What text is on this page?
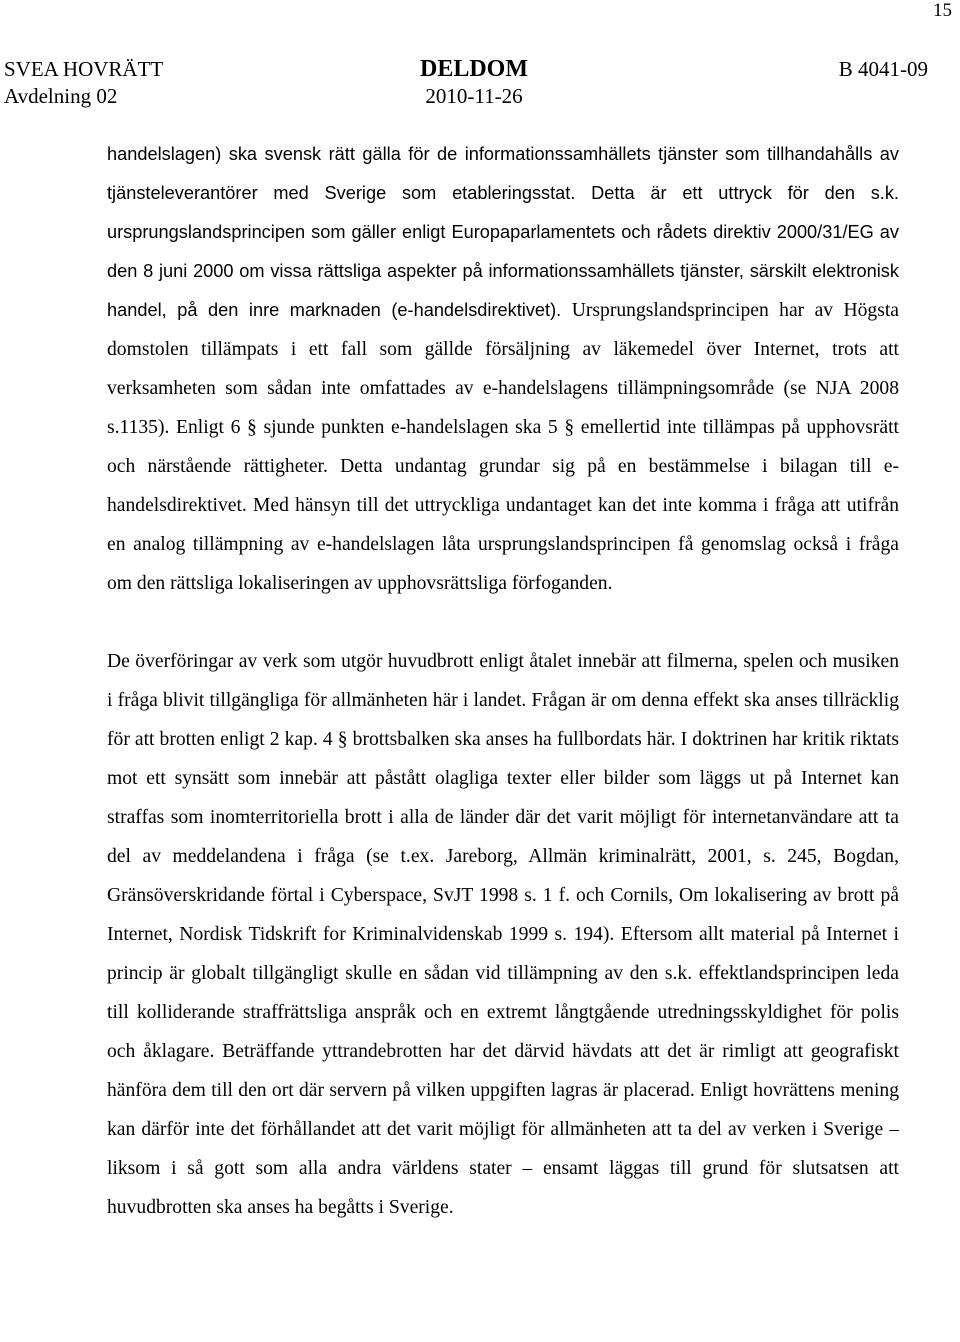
15
SVEA HOVRÄTT
Avdelning 02
DELDOM
2010-11-26
B 4041-09

handelslagen) ska svensk rätt gälla för de informationssamhällets tjänster som tillhandahålls av tjänsteleverantörer med Sverige som etableringsstat. Detta är ett uttryck för den s.k. ursprungslandsprincipen som gäller enligt Europaparlamentets och rådets direktiv 2000/31/EG av den 8 juni 2000 om vissa rättsliga aspekter på informationssamhällets tjänster, särskilt elektronisk handel, på den inre marknaden (e-handelsdirektivet). Ursprungslandsprincipen har av Högsta domstolen tillämpats i ett fall som gällde försäljning av läkemedel över Internet, trots att verksamheten som sådan inte omfattades av e-handelslagens tillämpningsområde (se NJA 2008 s.1135). Enligt 6 § sjunde punkten e-handelslagen ska 5 § emellertid inte tillämpas på upphovsrätt och närstående rättigheter. Detta undantag grundar sig på en bestämmelse i bilagan till e-handelsdirektivet. Med hänsyn till det uttryckliga undantaget kan det inte komma i fråga att utifrån en analog tillämpning av e-handelslagen låta ursprungslandsprincipen få genomslag också i fråga om den rättsliga lokaliseringen av upphovsrättsliga förfoganden.

De överföringar av verk som utgör huvudbrott enligt åtalet innebär att filmerna, spelen och musiken i fråga blivit tillgängliga för allmänheten här i landet. Frågan är om denna effekt ska anses tillräcklig för att brotten enligt 2 kap. 4 § brottsbalken ska anses ha fullbordats här. I doktrinen har kritik riktats mot ett synsätt som innebär att påstått olagliga texter eller bilder som läggs ut på Internet kan straffas som inomterritoriella brott i alla de länder där det varit möjligt för internetanvändare att ta del av meddelandena i fråga (se t.ex. Jareborg, Allmän kriminalrätt, 2001, s. 245, Bogdan, Gränsöverskridande förtal i Cyberspace, SvJT 1998 s. 1 f. och Cornils, Om lokalisering av brott på Internet, Nordisk Tidskrift for Kriminalvidenskab 1999 s. 194). Eftersom allt material på Internet i princip är globalt tillgängligt skulle en sådan vid tillämpning av den s.k. effektlandsprincipen leda till kolliderande straffrättsliga anspråk och en extremt långtgående utredningsskyldighet för polis och åklagare. Beträffande yttrandebrotten har det därvid hävdats att det är rimligt att geografiskt hänföra dem till den ort där servern på vilken uppgiften lagras är placerad. Enligt hovrättens mening kan därför inte det förhållandet att det varit möjligt för allmänheten att ta del av verken i Sverige – liksom i så gott som alla andra världens stater – ensamt läggas till grund för slutsatsen att huvudbrotten ska anses ha begåtts i Sverige.
